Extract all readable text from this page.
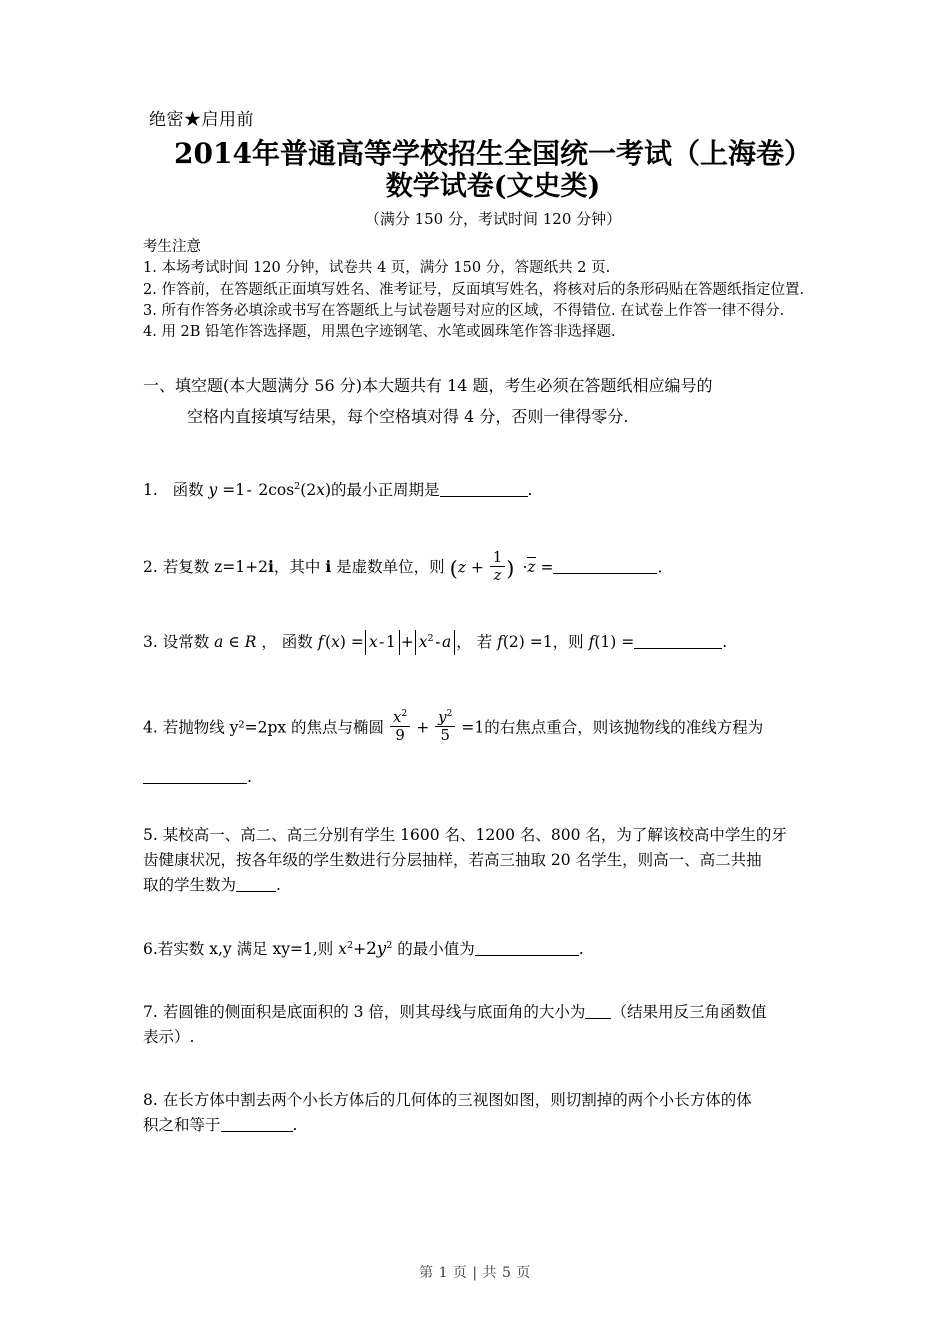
绝密★启用前
2014年普通高等学校招生全国统一考试（上海卷）
数学试卷(文史类)
（满分 150 分，考试时间 120 分钟）

考生注意

1. 本场考试时间 120 分钟，试卷共 4 页，满分 150 分，答题纸共 2 页.

2. 作答前，在答题纸正面填写姓名、准考证号，反面填写姓名，将核对后的条形码贴在答题纸指定位置.

3. 所有作答务必填涂或书写在答题纸上与试卷题号对应的区域，不得错位. 在试卷上作答一律不得分.

4. 用 2B 铅笔作答选择题，用黑色字迹钢笔、水笔或圆珠笔作答非选择题.

一、填空题(本大题满分 56 分)本大题共有 14 题，考生必须在答题纸相应编号的
空格内直接填写结果，每个空格填对得 4 分，否则一律得零分.
1.   函数 y =1 -  $2\cos^2(2x)$的最小正周期是	.
2. 若复数 z=1+2i，其中 i 是虚数单位，则 ($z + \frac{1}{z}$ )  ·z =	.
3. 设常数 a ∈ R ， 函数 f (x) = x - $1 + x^2$ - a ， 若 f(2) =1，则 f(1) =	.
4. 若抛物线 y²=2px 的焦点与椭圆 $\frac{x^2}{9} + \frac{y^2}{5} =1$的右焦点重合，则该抛物线的准线方程为
.
5. 某校高一、高二、高三分别有学生 1600 名、1200 名、800 名，为了解该校高中学生的牙
齿健康状况，按各年级的学生数进行分层抽样，若高三抽取 20 名学生，则高一、高二共抽
取的学生数为	.
6.若实数 x,y 满足 xy=1,则 $x^2+2y^2$ 的最小值为	.
7. 若圆锥的侧面积是底面积的 3 倍，则其母线与底面角的大小为 （结果用反三角函数值
表示）.
8. 在长方体中割去两个小长方体后的几何体的三视图如图，则切割掉的两个小长方体的体
积之和等于	.
第 1 页 | 共 5 页
